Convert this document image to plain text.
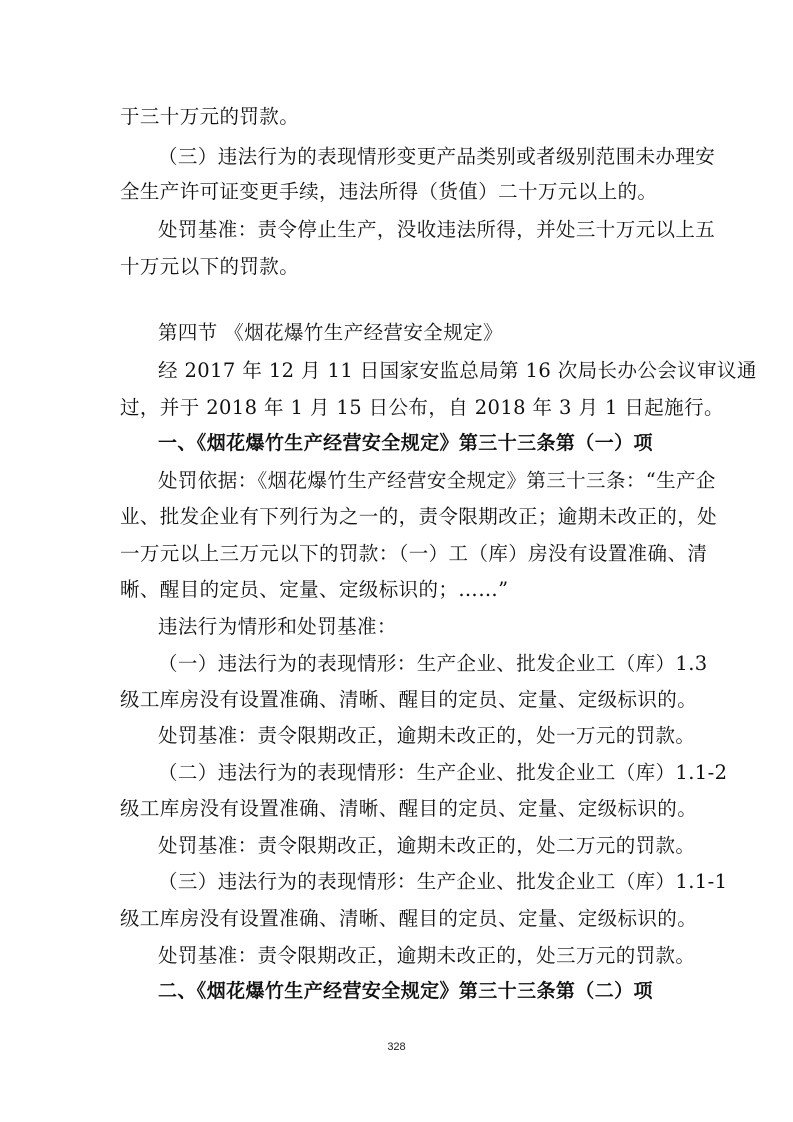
于三十万元的罚款。
（三）违法行为的表现情形变更产品类别或者级别范围未办理安
全生产许可证变更手续，违法所得（货值）二十万元以上的。
处罚基准：责令停止生产，没收违法所得，并处三十万元以上五
十万元以下的罚款。
第四节 《烟花爆竹生产经营安全规定》
经 2017 年 12 月 11 日国家安监总局第 16 次局长办公会议审议通
过，并于 2018 年 1 月 15 日公布，自 2018 年 3 月 1 日起施行。
一、《烟花爆竹生产经营安全规定》第三十三条第（一）项
处罚依据：《烟花爆竹生产经营安全规定》第三十三条：“生产企
业、批发企业有下列行为之一的，责令限期改正；逾期未改正的，处
一万元以上三万元以下的罚款：（一）工（库）房没有设置准确、清
晰、醒目的定员、定量、定级标识的；……”
违法行为情形和处罚基准：
（一）违法行为的表现情形：生产企业、批发企业工（库）1.3
级工库房没有设置准确、清晰、醒目的定员、定量、定级标识的。
处罚基准：责令限期改正，逾期未改正的，处一万元的罚款。
（二）违法行为的表现情形：生产企业、批发企业工（库）1.1-2
级工库房没有设置准确、清晰、醒目的定员、定量、定级标识的。
处罚基准：责令限期改正，逾期未改正的，处二万元的罚款。
（三）违法行为的表现情形：生产企业、批发企业工（库）1.1-1
级工库房没有设置准确、清晰、醒目的定员、定量、定级标识的。
处罚基准：责令限期改正，逾期未改正的，处三万元的罚款。
二、《烟花爆竹生产经营安全规定》第三十三条第（二）项
328
